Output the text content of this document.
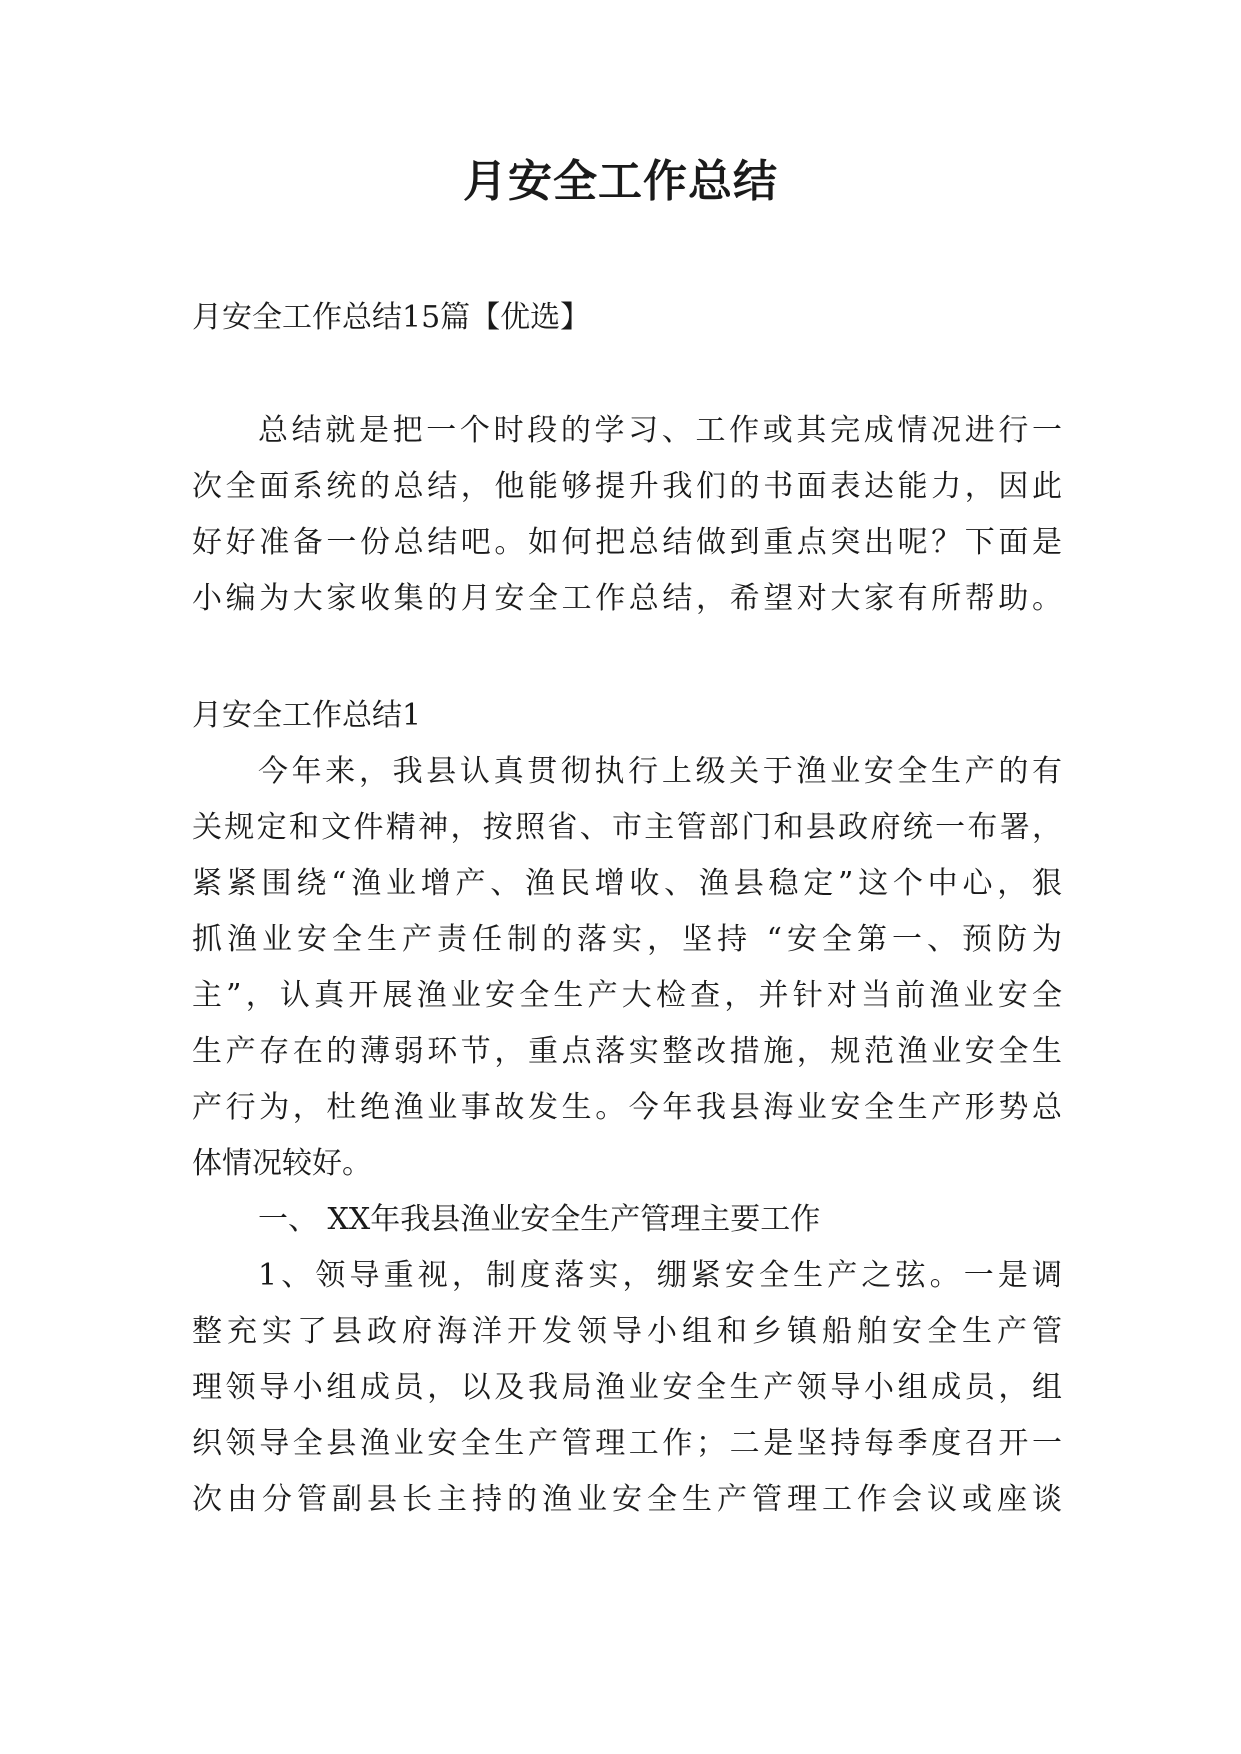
月安全工作总结
月安全工作总结15篇【优选】
总结就是把一个时段的学习、工作或其完成情况进行一
次全面系统的总结，他能够提升我们的书面表达能力，因此
好好准备一份总结吧。如何把总结做到重点突出呢？下面是
小编为大家收集的月安全工作总结，希望对大家有所帮助。
月安全工作总结1
今年来，我县认真贯彻执行上级关于渔业安全生产的有
关规定和文件精神，按照省、市主管部门和县政府统一布署，
紧紧围绕“渔业增产、渔民增收、渔县稳定”这个中心，狠
抓渔业安全生产责任制的落实，坚持 “安全第一、预防为
主”，认真开展渔业安全生产大检查，并针对当前渔业安全
生产存在的薄弱环节，重点落实整改措施，规范渔业安全生
产行为，杜绝渔业事故发生。今年我县海业安全生产形势总
体情况较好。
一、 XX年我县渔业安全生产管理主要工作
1、领导重视，制度落实，绷紧安全生产之弦。一是调
整充实了县政府海洋开发领导小组和乡镇船舶安全生产管
理领导小组成员，以及我局渔业安全生产领导小组成员，组
织领导全县渔业安全生产管理工作；二是坚持每季度召开一
次由分管副县长主持的渔业安全生产管理工作会议或座谈
